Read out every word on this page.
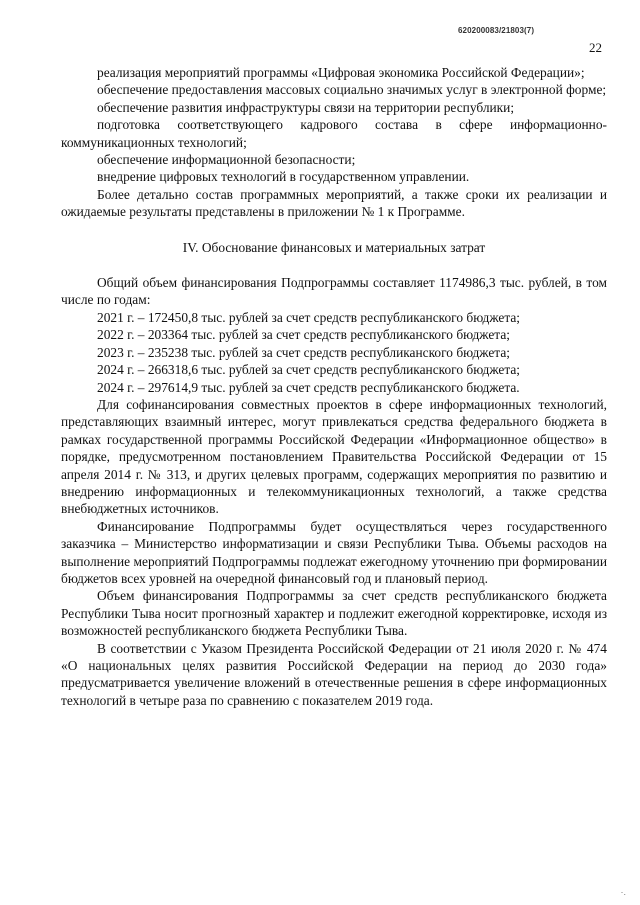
620200083/21803(7)
22

реализация мероприятий программы «Цифровая экономика Российской Федерации»;

обеспечение предоставления массовых социально значимых услуг в электронной форме;

обеспечение развития инфраструктуры связи на территории республики;

подготовка соответствующего кадрового состава в сфере информационно-коммуникационных технологий;

обеспечение информационной безопасности;

внедрение цифровых технологий в государственном управлении.

Более детально состав программных мероприятий, а также сроки их реализации и ожидаемые результаты представлены в приложении № 1 к Программе.

IV. Обоснование финансовых и материальных затрат

Общий объем финансирования Подпрограммы составляет 1174986,3 тыс. рублей, в том числе по годам:

2021 г. – 172450,8 тыс. рублей за счет средств республиканского бюджета;

2022 г. – 203364 тыс. рублей за счет средств республиканского бюджета;

2023 г. – 235238 тыс. рублей за счет средств республиканского бюджета;

2024 г. – 266318,6 тыс. рублей за счет средств республиканского бюджета;

2024 г. – 297614,9 тыс. рублей за счет средств республиканского бюджета.

Для софинансирования совместных проектов в сфере информационных технологий, представляющих взаимный интерес, могут привлекаться средства федерального бюджета в рамках государственной программы Российской Федерации «Информационное общество» в порядке, предусмотренном постановлением Правительства Российской Федерации от 15 апреля 2014 г. № 313, и других целевых программ, содержащих мероприятия по развитию и внедрению информационных и телекоммуникационных технологий, а также средства внебюджетных источников.

Финансирование Подпрограммы будет осуществляться через государственного заказчика – Министерство информатизации и связи Республики Тыва. Объемы расходов на выполнение мероприятий Подпрограммы подлежат ежегодному уточнению при формировании бюджетов всех уровней на очередной финансовый год и плановый период.

Объем финансирования Подпрограммы за счет средств республиканского бюджета Республики Тыва носит прогнозный характер и подлежит ежегодной корректировке, исходя из возможностей республиканского бюджета Республики Тыва.

В соответствии с Указом Президента Российской Федерации от 21 июля 2020 г. № 474 «О национальных целях развития Российской Федерации на период до 2030 года» предусматривается увеличение вложений в отечественные решения в сфере информационных технологий в четыре раза по сравнению с показателем 2019 года.

·.
